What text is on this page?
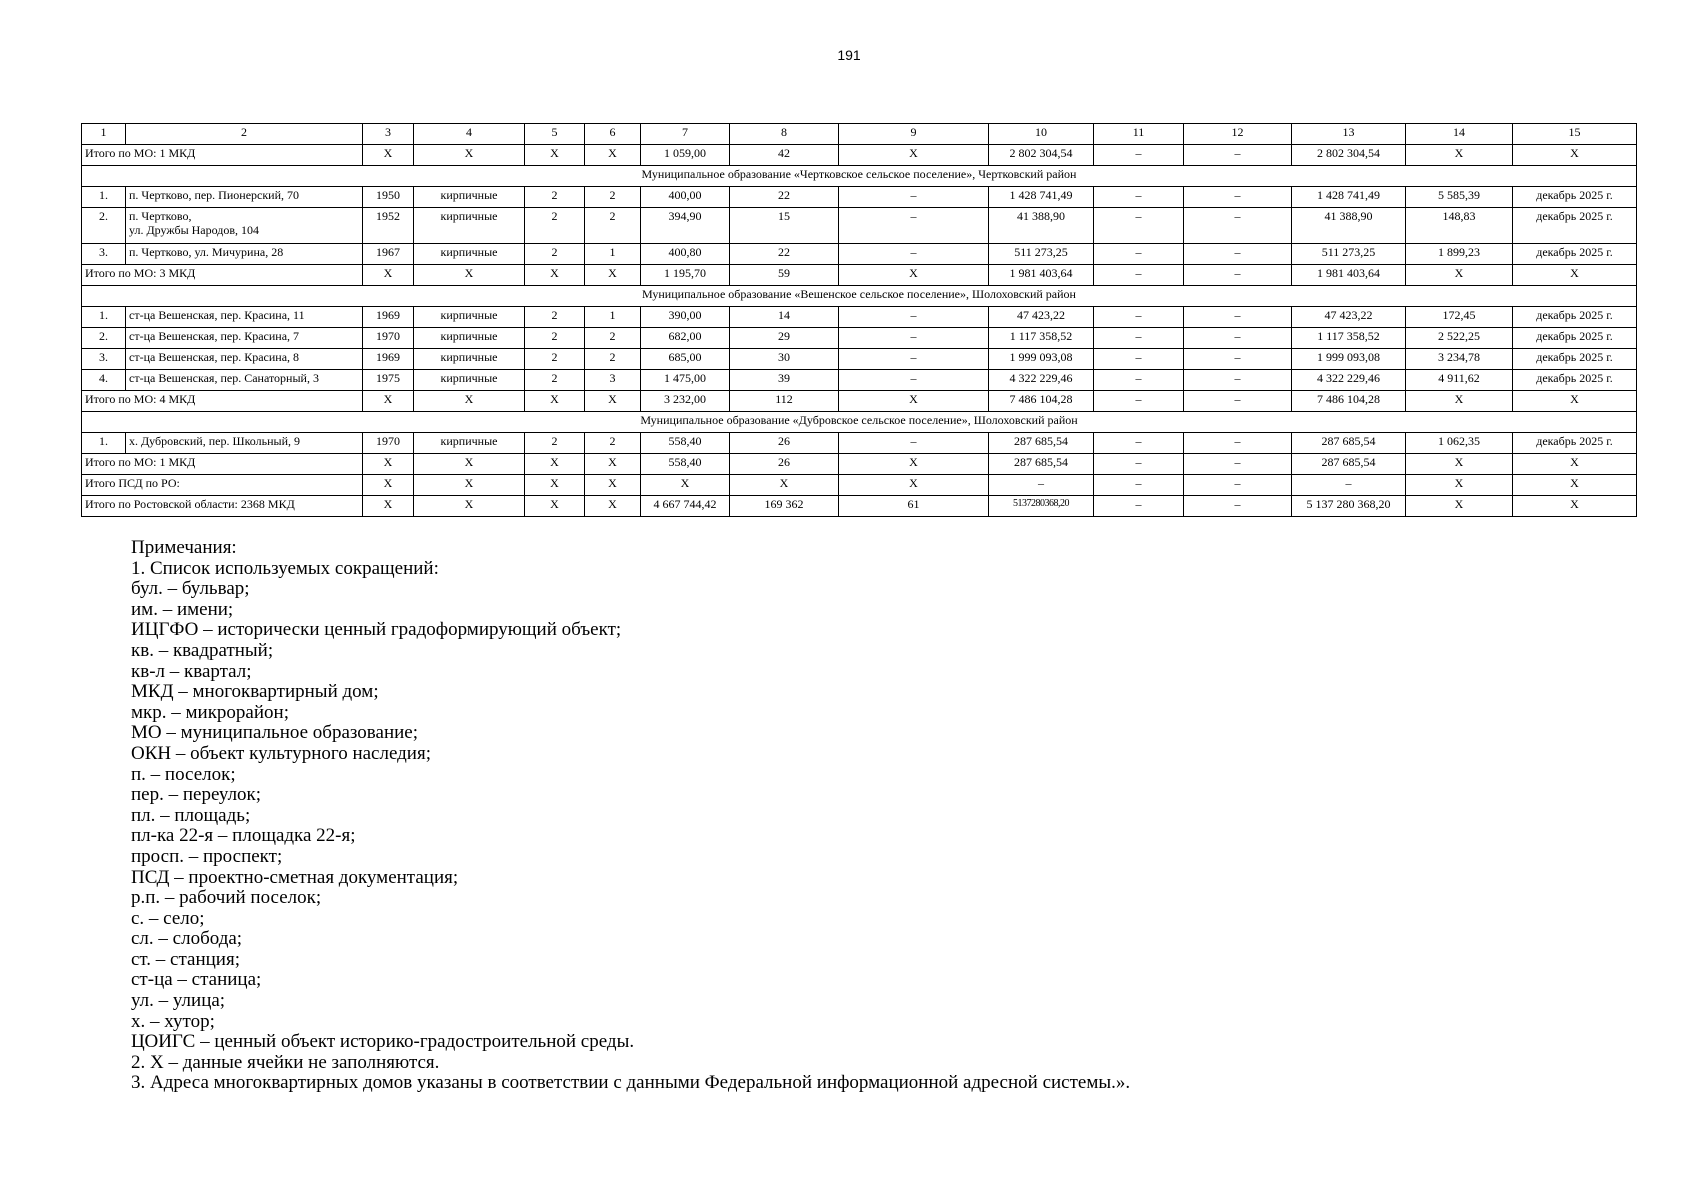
191
1	2	3	4	5	6	7	8	9	10	11	12	13	14	15
Итого по МО: 1 МКД		X	X	X	X	1 059,00	42	X	2 802 304,54	–	–	2 802 304,54	X	X
Муниципальное образование «Чертковское сельское поселение», Чертковский район														
1.	п. Чертково, пер. Пионерский, 70	1950	кирпичные	2	2	400,00	22	–	1 428 741,49	–	–	1 428 741,49	5 585,39	декабрь 2025 г.
2.	п. Чертково,
ул. Дружбы Народов, 104	1952	кирпичные	2	2	394,90	15	–	41 388,90	–	–	41 388,90	148,83	декабрь 2025 г.
3.	п. Чертково, ул. Мичурина, 28	1967	кирпичные	2	1	400,80	22	–	511 273,25	–	–	511 273,25	1 899,23	декабрь 2025 г.
Итого по МО: 3 МКД		X	X	X	X	1 195,70	59	X	1 981 403,64	–	–	1 981 403,64	X	X
Муниципальное образование «Вешенское сельское поселение», Шолоховский район														
1.	ст-ца Вешенская, пер. Красина, 11	1969	кирпичные	2	1	390,00	14	–	47 423,22	–	–	47 423,22	172,45	декабрь 2025 г.
2.	ст-ца Вешенская, пер. Красина, 7	1970	кирпичные	2	2	682,00	29	–	1 117 358,52	–	–	1 117 358,52	2 522,25	декабрь 2025 г.
3.	ст-ца Вешенская, пер. Красина, 8	1969	кирпичные	2	2	685,00	30	–	1 999 093,08	–	–	1 999 093,08	3 234,78	декабрь 2025 г.
4.	ст-ца Вешенская, пер. Санаторный, 3	1975	кирпичные	2	3	1 475,00	39	–	4 322 229,46	–	–	4 322 229,46	4 911,62	декабрь 2025 г.
Итого по МО: 4 МКД		X	X	X	X	3 232,00	112	X	7 486 104,28	–	–	7 486 104,28	X	X
Муниципальное образование «Дубровское сельское поселение», Шолоховский район														
1.	х. Дубровский, пер. Школьный, 9	1970	кирпичные	2	2	558,40	26	–	287 685,54	–	–	287 685,54	1 062,35	декабрь 2025 г.
Итого по МО: 1 МКД		X	X	X	X	558,40	26	X	287 685,54	–	–	287 685,54	X	X
Итого ПСД по РО:		X	X	X	X	X	X	X	–	–	–	–	X	X
Итого по Ростовской области: 2368 МКД		X	X	X	X	4 667 744,42	169 362	61	5137280368,20	–	–	5 137 280 368,20	X	X
Примечания:
1. Список используемых сокращений:
бул. – бульвар;
им. – имени;
ИЦГФО – исторически ценный градоформирующий объект;
кв. – квадратный;
кв-л – квартал;
МКД – многоквартирный дом;
мкр. – микрорайон;
МО – муниципальное образование;
ОКН – объект культурного наследия;
п. – поселок;
пер. – переулок;
пл. – площадь;
пл-ка 22-я – площадка 22-я;
просп. – проспект;
ПСД – проектно-сметная документация;
р.п. – рабочий поселок;
с. – село;
сл. – слобода;
ст. – станция;
ст-ца – станица;
ул. – улица;
х. – хутор;
ЦОИГС – ценный объект историко-градостроительной среды.
2. X – данные ячейки не заполняются.
3. Адреса многоквартирных домов указаны в соответствии с данными Федеральной информационной адресной системы.».
